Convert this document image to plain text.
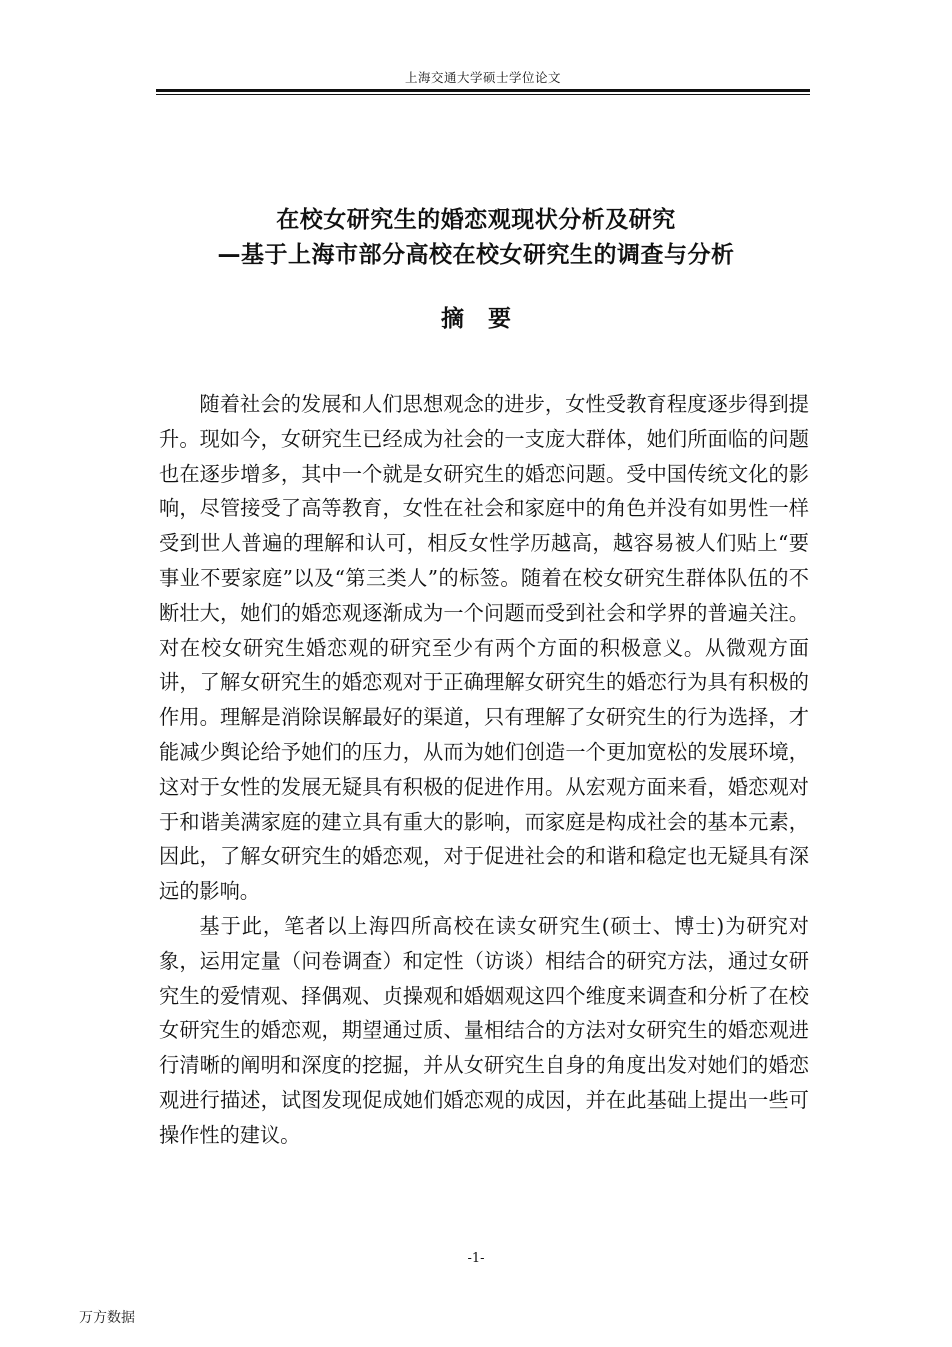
上海交通大学硕士学位论文
在校女研究生的婚恋观现状分析及研究
—基于上海市部分高校在校女研究生的调查与分析
摘 要

随着社会的发展和人们思想观念的进步，女性受教育程度逐步得到提升。现如今，女研究生已经成为社会的一支庞大群体，她们所面临的问题也在逐步增多，其中一个就是女研究生的婚恋问题。受中国传统文化的影响，尽管接受了高等教育，女性在社会和家庭中的角色并没有如男性一样受到世人普遍的理解和认可，相反女性学历越高，越容易被人们贴上“要事业不要家庭”以及“第三类人”的标签。随着在校女研究生群体队伍的不断壮大，她们的婚恋观逐渐成为一个问题而受到社会和学界的普遍关注。对在校女研究生婚恋观的研究至少有两个方面的积极意义。从微观方面讲，了解女研究生的婚恋观对于正确理解女研究生的婚恋行为具有积极的作用。理解是消除误解最好的渠道，只有理解了女研究生的行为选择，才能减少舆论给予她们的压力，从而为她们创造一个更加宽松的发展环境，这对于女性的发展无疑具有积极的促进作用。从宏观方面来看，婚恋观对于和谐美满家庭的建立具有重大的影响，而家庭是构成社会的基本元素，因此，了解女研究生的婚恋观，对于促进社会的和谐和稳定也无疑具有深远的影响。

基于此，笔者以上海四所高校在读女研究生(硕士、博士)为研究对象，运用定量（问卷调查）和定性（访谈）相结合的研究方法，通过女研究生的爱情观、择偶观、贞操观和婚姻观这四个维度来调查和分析了在校女研究生的婚恋观，期望通过质、量相结合的方法对女研究生的婚恋观进行清晰的阐明和深度的挖掘，并从女研究生自身的角度出发对她们的婚恋观进行描述，试图发现促成她们婚恋观的成因，并在此基础上提出一些可操作性的建议。

-1-
万方数据
